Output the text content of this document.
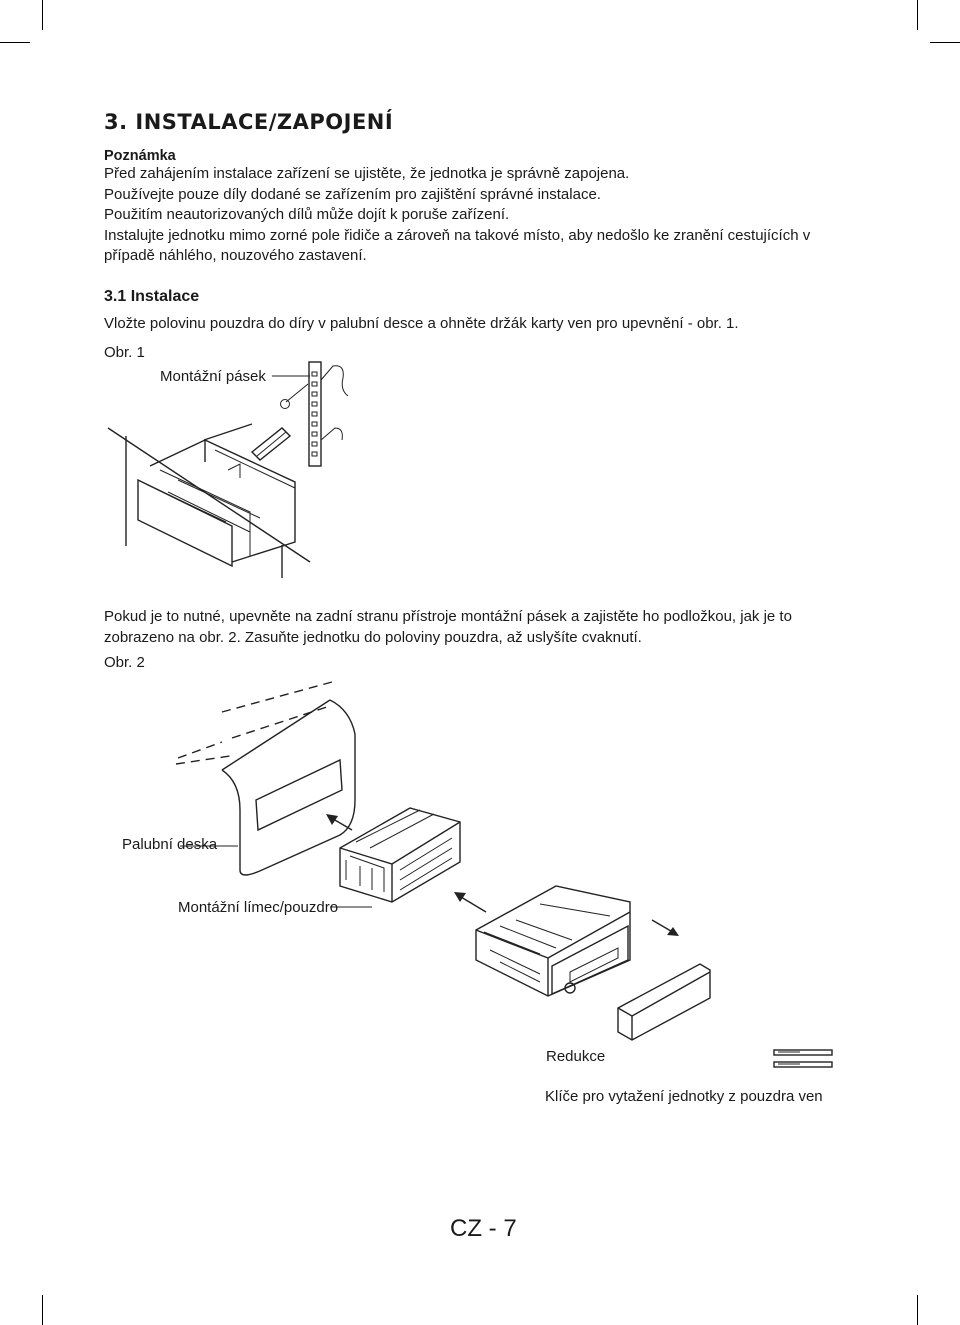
3. INSTALACE/ZAPOJENÍ
Poznámka
Před zahájením instalace zařízení se ujistěte, že jednotka je správně zapojena.
Používejte pouze díly dodané se zařízením pro zajištění správné instalace.
Použitím neautorizovaných dílů může dojít k poruše zařízení.
Instalujte jednotku mimo zorné pole řidiče a zároveň na takové místo, aby nedošlo ke zranění cestujících v případě náhlého, nouzového zastavení.
3.1 Instalace
Vložte polovinu pouzdra do díry v palubní desce a ohněte držák karty ven pro upevnění - obr. 1.
Obr. 1
Montážní pásek
Pokud je to nutné, upevněte na zadní stranu přístroje montážní pásek a zajistěte ho podložkou, jak je to zobrazeno na obr. 2. Zasuňte jednotku do poloviny pouzdra, až uslyšíte cvaknutí.
Obr. 2
Palubní deska
Montážní límec/pouzdro
Redukce
Klíče pro vytažení jednotky z pouzdra ven
CZ - 7
